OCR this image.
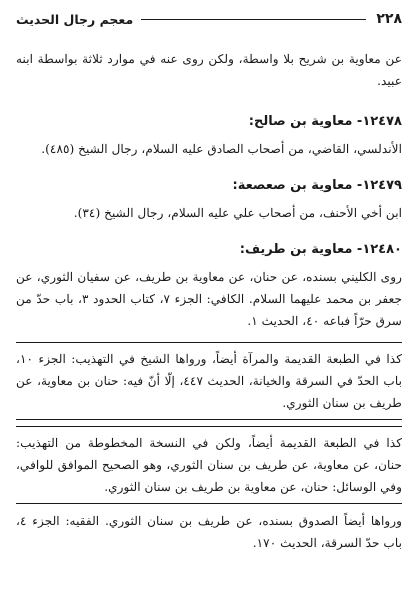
٢٢٨
معجم رجال الحديث

عن معاوية بن شريح بلا واسطة، ولكن روى عنه في موارد ثلاثة بواسطة ابنه عبيد.

١٢٤٧٨- معاوية بن صالح:

الأندلسي، القاضي، من أصحاب الصادق عليه السلام، رجال الشيخ (٤٨٥).

١٢٤٧٩- معاوية بن صعصعة:

ابن أخي الأحنف، من أصحاب علي عليه السلام، رجال الشيخ (٣٤).

١٢٤٨٠- معاوية بن طريف:

روى الكليني بسنده، عن حنان، عن معاوية بن طريف، عن سفيان الثوري، عن جعفر بن محمد عليهما السلام. الكافي: الجزء ٧، كتاب الحدود ٣، باب حدّ من سرق حرّاً فباعه ٤٠، الحديث ١.

كذا في الطبعة القديمة والمرآة أيضاً، ورواها الشيخ في التهذيب: الجزء ١٠، باب الحدّ في السرقة والخيانة، الحديث ٤٤٧، إلّا أنّ فيه: حنان بن معاوية، عن طريف بن سنان الثوري.

كذا في الطبعة القديمة أيضاً، ولكن في النسخة المخطوطة من التهذيب: حنان، عن معاوية، عن طريف بن سنان الثوري، وهو الصحيح الموافق للوافي، وفي الوسائل: حنان، عن معاوية بن طريف بن سنان الثوري.

ورواها أيضاً الصدوق بسنده، عن طريف بن سنان الثوري. الفقيه: الجزء ٤، باب حدّ السرقة، الحديث ١٧٠.
